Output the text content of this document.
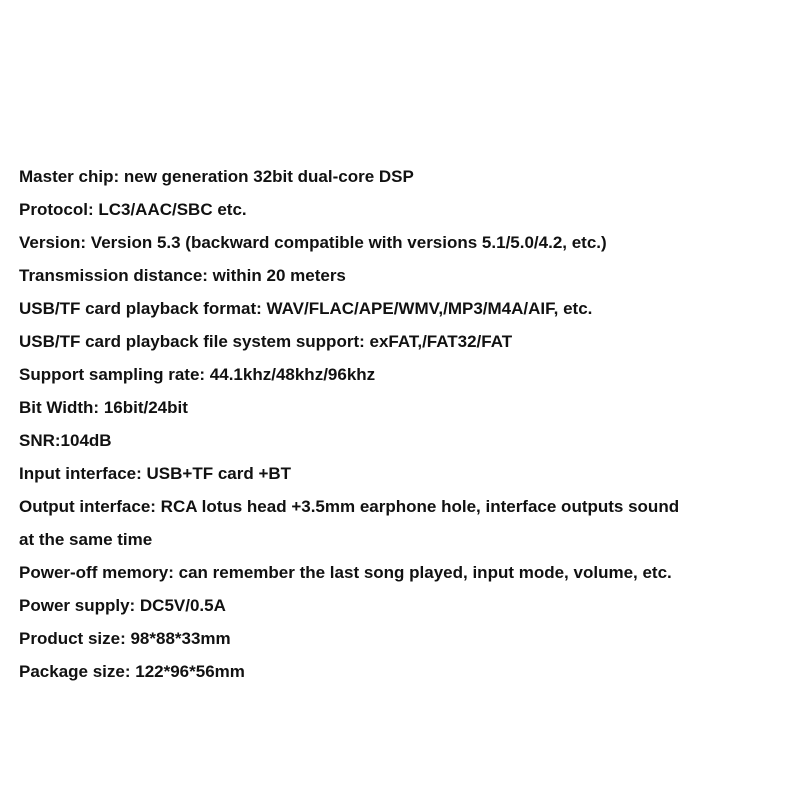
Master chip: new generation 32bit dual-core DSP
Protocol: LC3/AAC/SBC etc.
Version: Version 5.3 (backward compatible with versions 5.1/5.0/4.2, etc.)
Transmission distance: within 20 meters
USB/TF card playback format: WAV/FLAC/APE/WMV,/MP3/M4A/AIF, etc.
USB/TF card playback file system support: exFAT,/FAT32/FAT
Support sampling rate: 44.1khz/48khz/96khz
Bit Width: 16bit/24bit
SNR:104dB
Input interface: USB+TF card +BT
Output interface: RCA lotus head +3.5mm earphone hole, interface outputs sound
at the same time
Power-off memory: can remember the last song played, input mode, volume, etc.
Power supply: DC5V/0.5A
Product size: 98*88*33mm
Package size: 122*96*56mm
